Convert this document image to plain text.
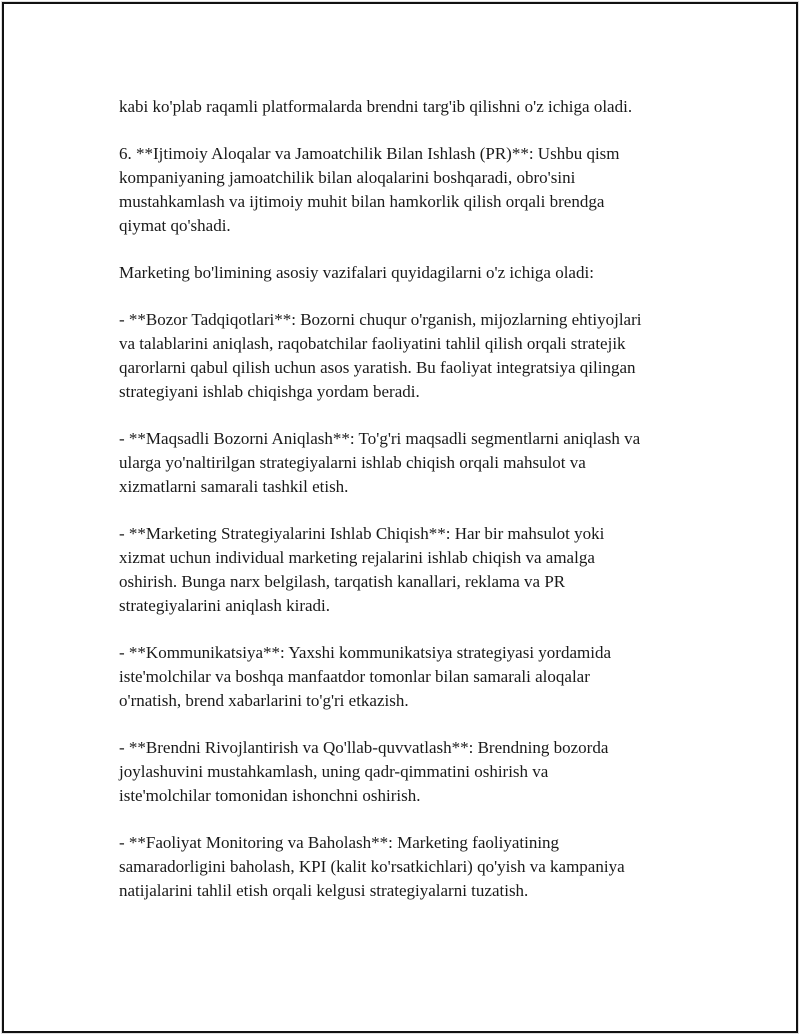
kabi ko'plab raqamli platformalarda brendni targ'ib qilishni o'z ichiga oladi.

6. **Ijtimoiy Aloqalar va Jamoatchilik Bilan Ishlash (PR)**: Ushbu qism
kompaniyaning jamoatchilik bilan aloqalarini boshqaradi, obro'sini
mustahkamlash va ijtimoiy muhit bilan hamkorlik qilish orqali brendga
qiymat qo'shadi.

Marketing bo'limining asosiy vazifalari quyidagilarni o'z ichiga oladi:

- **Bozor Tadqiqotlari**: Bozorni chuqur o'rganish, mijozlarning ehtiyojlari
va talablarini aniqlash, raqobatchilar faoliyatini tahlil qilish orqali stratejik
qarorlarni qabul qilish uchun asos yaratish. Bu faoliyat integratsiya qilingan
strategiyani ishlab chiqishga yordam beradi.

- **Maqsadli Bozorni Aniqlash**: To'g'ri maqsadli segmentlarni aniqlash va
ularga yo'naltirilgan strategiyalarni ishlab chiqish orqali mahsulot va
xizmatlarni samarali tashkil etish.

- **Marketing Strategiyalarini Ishlab Chiqish**: Har bir mahsulot yoki
xizmat uchun individual marketing rejalarini ishlab chiqish va amalga
oshirish. Bunga narx belgilash, tarqatish kanallari, reklama va PR
strategiyalarini aniqlash kiradi.

- **Kommunikatsiya**: Yaxshi kommunikatsiya strategiyasi yordamida
iste'molchilar va boshqa manfaatdor tomonlar bilan samarali aloqalar
o'rnatish, brend xabarlarini to'g'ri etkazish.

- **Brendni Rivojlantirish va Qo'llab-quvvatlash**: Brendning bozorda
joylashuvini mustahkamlash, uning qadr-qimmatini oshirish va
iste'molchilar tomonidan ishonchni oshirish.

- **Faoliyat Monitoring va Baholash**: Marketing faoliyatining
samaradorligini baholash, KPI (kalit ko'rsatkichlari) qo'yish va kampaniya
natijalarini tahlil etish orqali kelgusi strategiyalarni tuzatish.
